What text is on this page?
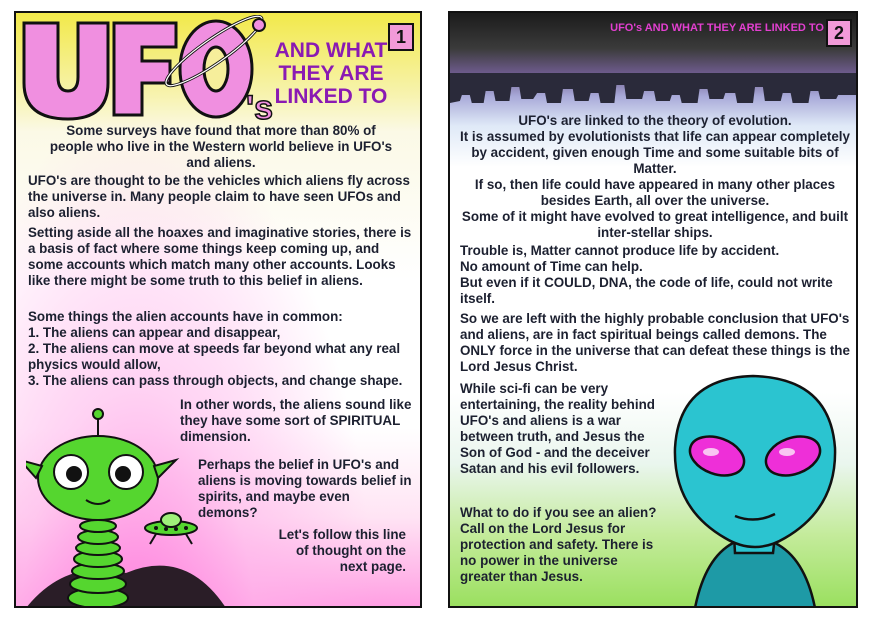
's
AND WHAT
THEY ARE
LINKED TO
1
Some surveys have found that more than 80% of people who live in the Western world believe in UFO's and aliens.
UFO's are thought to be the vehicles which aliens fly across the universe in. Many people claim to have seen UFOs and also aliens.
Setting aside all the hoaxes and imaginative stories, there is a basis of fact where some things keep coming up, and some accounts which match many other accounts. Looks like there might be some truth to this belief in aliens.
Some things the alien accounts have in common:
1. The aliens can appear and disappear,
2. The aliens can move at speeds far beyond what any real physics would allow,
3. The aliens can pass through objects, and change shape.
In other words, the aliens sound like they have some sort of SPIRITUAL dimension.
Perhaps the belief in UFO's and aliens is moving towards belief in spirits, and maybe even demons?
Let's follow this line of thought on the next page.
UFO's AND WHAT THEY ARE LINKED TO 2
UFO's are linked to the theory of evolution.
It is assumed by evolutionists that life can appear completely by accident, given enough Time and some suitable bits of Matter.
If so, then life could have appeared in many other places besides Earth, all over the universe.
Some of it might have evolved to great intelligence, and built inter-stellar ships.
Trouble is, Matter cannot produce life by accident.
No amount of Time can help.
But even if it COULD, DNA, the code of life, could not write itself.
So we are left with the highly probable conclusion that UFO's and aliens, are in fact spiritual beings called demons. The ONLY force in the universe that can defeat these things is the Lord Jesus Christ.
While sci-fi can be very entertaining, the reality behind UFO's and aliens is a war between truth, and Jesus the Son of God - and the deceiver Satan and his evil followers.
What to do if you see an alien? Call on the Lord Jesus for protection and safety. There is no power in the universe greater than Jesus.
